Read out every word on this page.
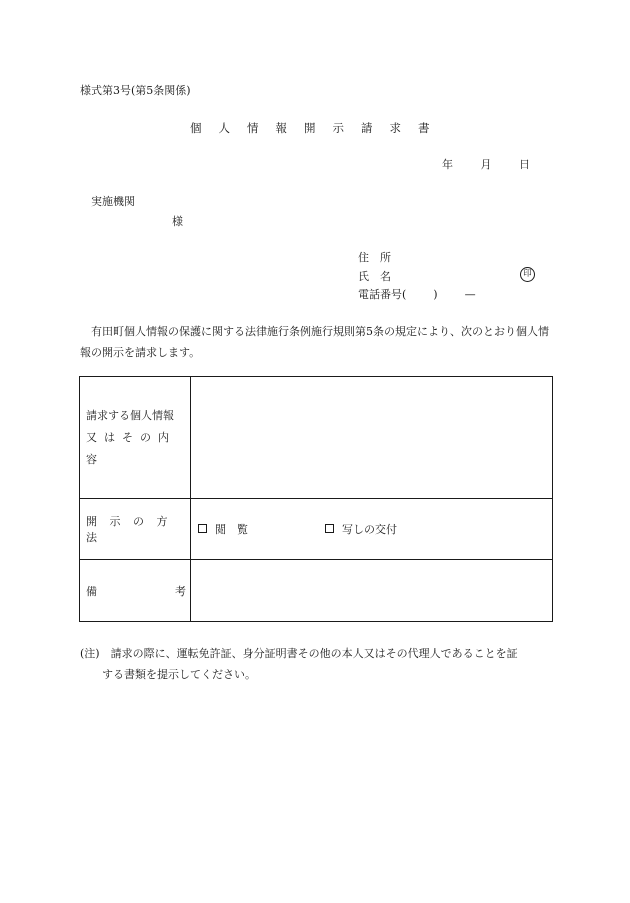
様式第3号(第5条関係)
個人情報開示請求書
年	月	日
実施機関
様
住　所
氏　名	印
電話番号( ) —
有田町個人情報の保護に関する法律施行条例施行規則第5条の規定により、次のとおり個人情報の開示を請求します。
請求する個人情報
又はその内容	

開示の方法	閲　覧 写しの交付

備 考	

(注)　請求の際に、運転免許証、身分証明書その他の本人又はその代理人であることを証
する書類を提示してください。
